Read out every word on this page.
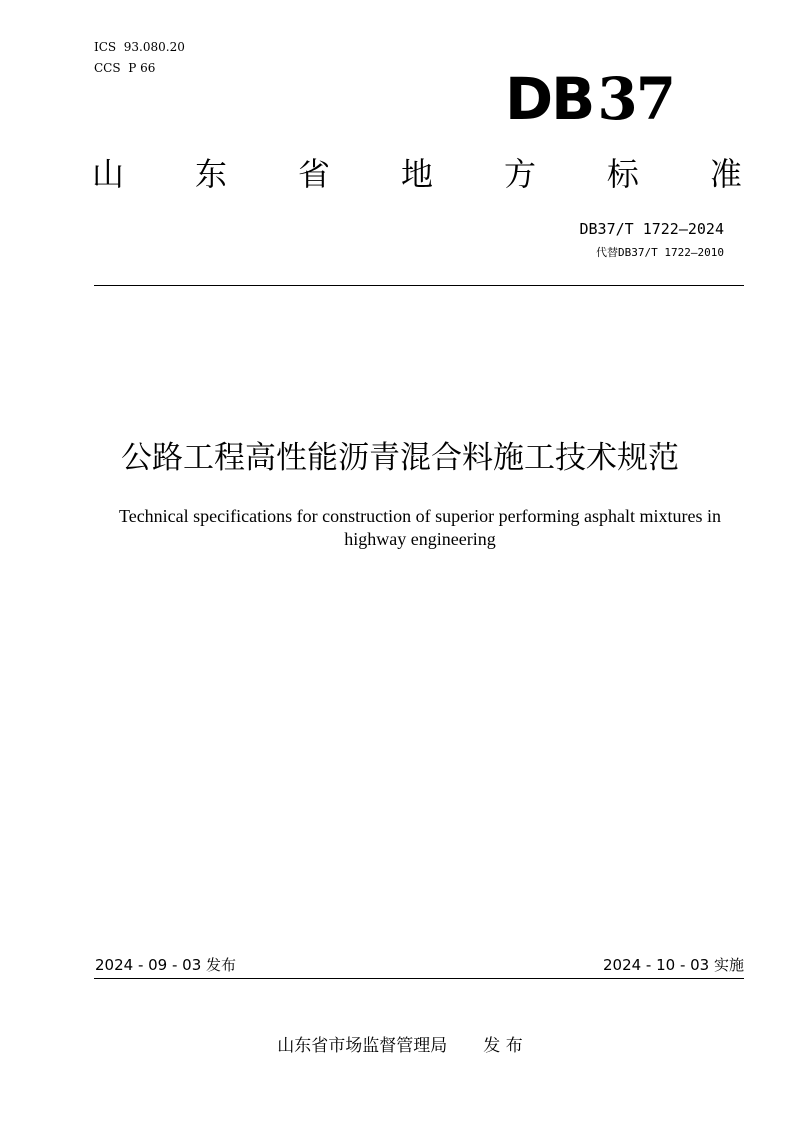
ICS  93.080.20
CCS  P 66	DB37
山 东 省 地 方 标 准
DB37/T 1722—2024
代替DB37/T 1722—2010
公路工程高性能沥青混合料施工技术规范
Technical specifications for construction of superior performing asphalt mixtures in highway engineering
2024 - 09 - 03 发布	2024 - 10 - 03 实施
山东省市场监督管理局 发 布
